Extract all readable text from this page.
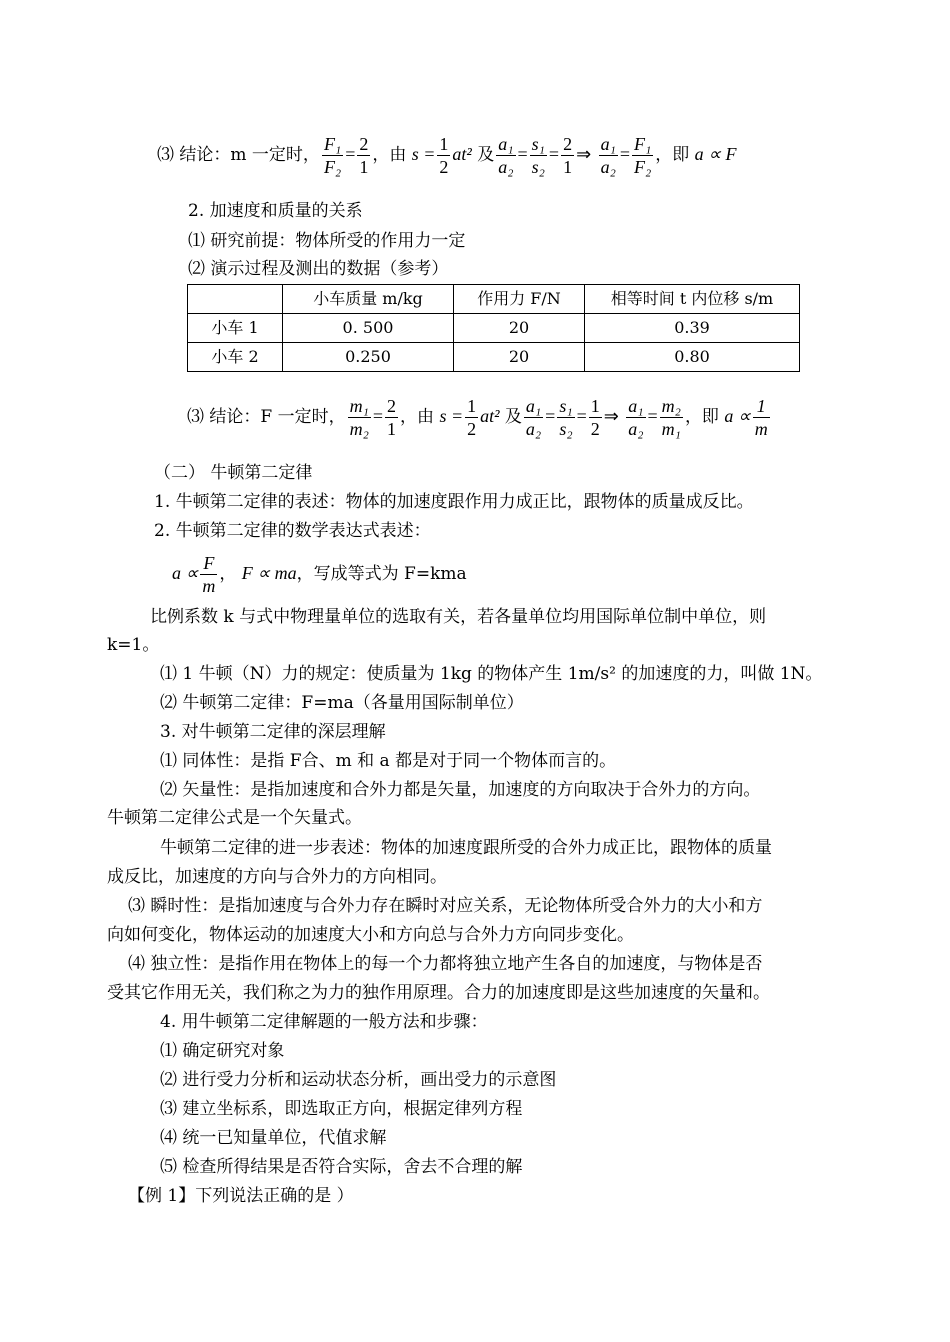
⑶ 结论：m 一定时， $\frac{\text{F₁}}{\text{F₂}} = \frac{2}{1}$ ，由 $s = \frac{1}{2} at^2$ 及 $\frac{\text{a₁}}{\text{a₂}} = \frac{\text{s₁}}{\text{s₂}} = \frac{2}{1}$ ⇒ $\frac{\text{a₁}}{\text{a₂}} = \frac{\text{F₁}}{\text{F₂}}$ ，即 a ∝ F
2. 加速度和质量的关系
⑴ 研究前提：物体所受的作用力一定
⑵ 演示过程及测出的数据（参考）
	小车质量 m/kg	作用力 F/N	相等时间 t 内位移 s/m
小车 1	0. 500	20	0.39
小车 2	0.250	20	0.80
⑶ 结论：F 一定时， $\frac{\text{m₁}}{\text{m₂}} = \frac{2}{1}$ ，由 $s = \frac{1}{2} at^2$ 及 $\frac{\text{a₁}}{\text{a₂}} = \frac{\text{s₁}}{\text{s₂}} = \frac{1}{2}$ ⇒ $\frac{\text{a₁}}{\text{a₂}} = \frac{\text{m₂}}{\text{m₁}}$ ，即 $a \propto \frac{1}{m}$
（二） 牛顿第二定律
1. 牛顿第二定律的表述：物体的加速度跟作用力成正比，跟物体的质量成反比。
2. 牛顿第二定律的数学表达式表述：
$a \propto \frac{F}{m}$ ， F ∝ ma，写成等式为 F=kma
比例系数 k 与式中物理量单位的选取有关，若各量单位均用国际单位制中单位，则
k=1。
⑴ 1 牛顿（N）力的规定：使质量为 1kg 的物体产生 1m/s² 的加速度的力，叫做 1N。
⑵ 牛顿第二定律：F=ma（各量用国际制单位）
3. 对牛顿第二定律的深层理解
⑴ 同体性：是指 F合、m 和 a 都是对于同一个物体而言的。
⑵ 矢量性：是指加速度和合外力都是矢量，加速度的方向取决于合外力的方向。
牛顿第二定律公式是一个矢量式。
牛顿第二定律的进一步表述：物体的加速度跟所受的合外力成正比，跟物体的质量
成反比，加速度的方向与合外力的方向相同。
⑶ 瞬时性：是指加速度与合外力存在瞬时对应关系，无论物体所受合外力的大小和方
向如何变化，物体运动的加速度大小和方向总与合外力方向同步变化。
⑷ 独立性：是指作用在物体上的每一个力都将独立地产生各自的加速度，与物体是否
受其它作用无关，我们称之为力的独作用原理。合力的加速度即是这些加速度的矢量和。
4. 用牛顿第二定律解题的一般方法和步骤：
⑴ 确定研究对象
⑵ 进行受力分析和运动状态分析，画出受力的示意图
⑶ 建立坐标系，即选取正方向，根据定律列方程
⑷ 统一已知量单位，代值求解
⑸ 检查所得结果是否符合实际，舍去不合理的解
【例 1】下列说法正确的是 ）
